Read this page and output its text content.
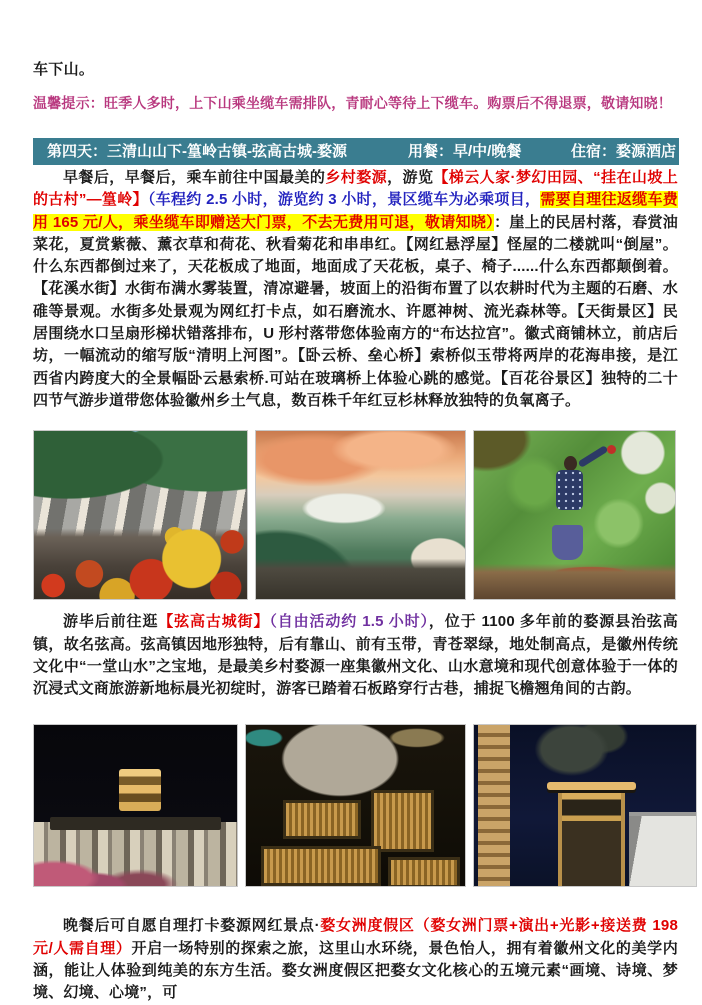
车下山。

温馨提示：旺季人多时，上下山乘坐缆车需排队，青耐心等待上下缆车。购票后不得退票，敬请知晓！

第四天：三清山山下-篁岭古镇-弦高古城-婺源	用餐：早/中/晚餐	住宿：婺源酒店

早餐后，早餐后，乘车前往中国最美的乡村婺源，游览【梯云人家·梦幻田园、“挂在山坡上的古村”—篁岭】（车程约 2.5 小时，游览约 3 小时，景区缆车为必乘项目，需要自理往返缆车费用 165 元/人，乘坐缆车即赠送大门票，不去无费用可退，敬请知晓）：崖上的民居村落，春赏油菜花，夏赏紫薇、薰衣草和荷花、秋看菊花和串串红。【网红悬浮屋】怪屋的二楼就叫“倒屋”。什么东西都倒过来了，天花板成了地面，地面成了天花板，桌子、椅子......什么东西都颠倒着。【花溪水街】水街布满水雾装置，清凉避暑，坡面上的沿街布置了以农耕时代为主题的石磨、水碓等景观。水街多处景观为网红打卡点，如石磨流水、许愿神树、流光森林等。【天街景区】民居围绕水口呈扇形梯状错落排布，U 形村落带您体验南方的“布达拉宫”。徽式商铺林立，前店后坊，一幅流动的缩写版“清明上河图”。【卧云桥、垒心桥】索桥似玉带将两岸的花海串接，是江西省内跨度大的全景幅卧云悬索桥.可站在玻璃桥上体验心跳的感觉。【百花谷景区】独特的二十四节气游步道带您体验徽州乡土气息，数百株千年红豆杉林释放独特的负氧离子。

游毕后前往逛【弦高古城街】（自由活动约 1.5 小时），位于 1100 多年前的婺源县治弦高镇，故名弦高。弦高镇因地形独特，后有靠山、前有玉带，青苍翠绿，地处制高点，是徽州传统文化中“一堂山水”之宝地，是最美乡村婺源一座集徽州文化、山水意境和现代创意体验于一体的沉浸式文商旅游新地标晨光初绽时，游客已踏着石板路穿行古巷，捕捉飞檐翘角间的古韵。

晚餐后可自愿自理打卡婺源网红景点·婺女洲度假区（婺女洲门票+演出+光影+接送费 198 元/人需自理）开启一场特别的探索之旅，这里山水环绕，景色怡人，拥有着徽州文化的美学内涵，能让人体验到纯美的东方生活。婺女洲度假区把婺女文化核心的五境元素“画境、诗境、梦境、幻境、心境”，可
